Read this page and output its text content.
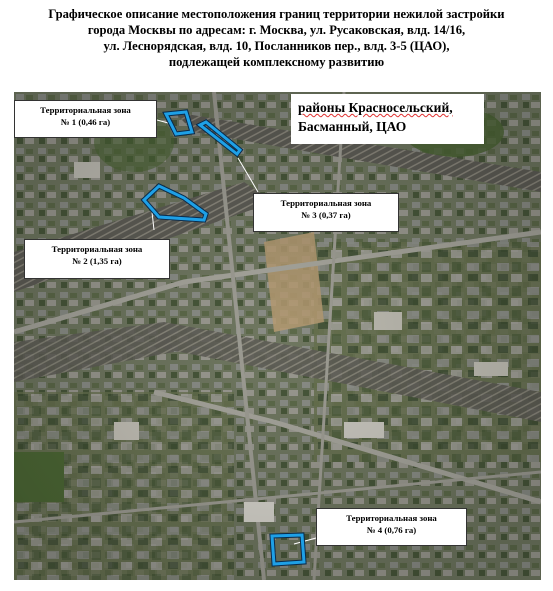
Графическое описание местоположения границ территории нежилой застройки
города Москвы по адресам: г. Москва, ул. Русаковская, влд. 14/16,
ул. Леснорядская, влд. 10, Посланников пер., влд. 3-5 (ЦАО),
подлежащей комплексному развитию
Территориальная зона
№ 1 (0,46 га)
Территориальная зона
№ 2 (1,35 га)
Территориальная зона
№ 3 (0,37 га)
Территориальная зона
№ 4 (0,76 га)
районы Красносельский,
Басманный, ЦАО
